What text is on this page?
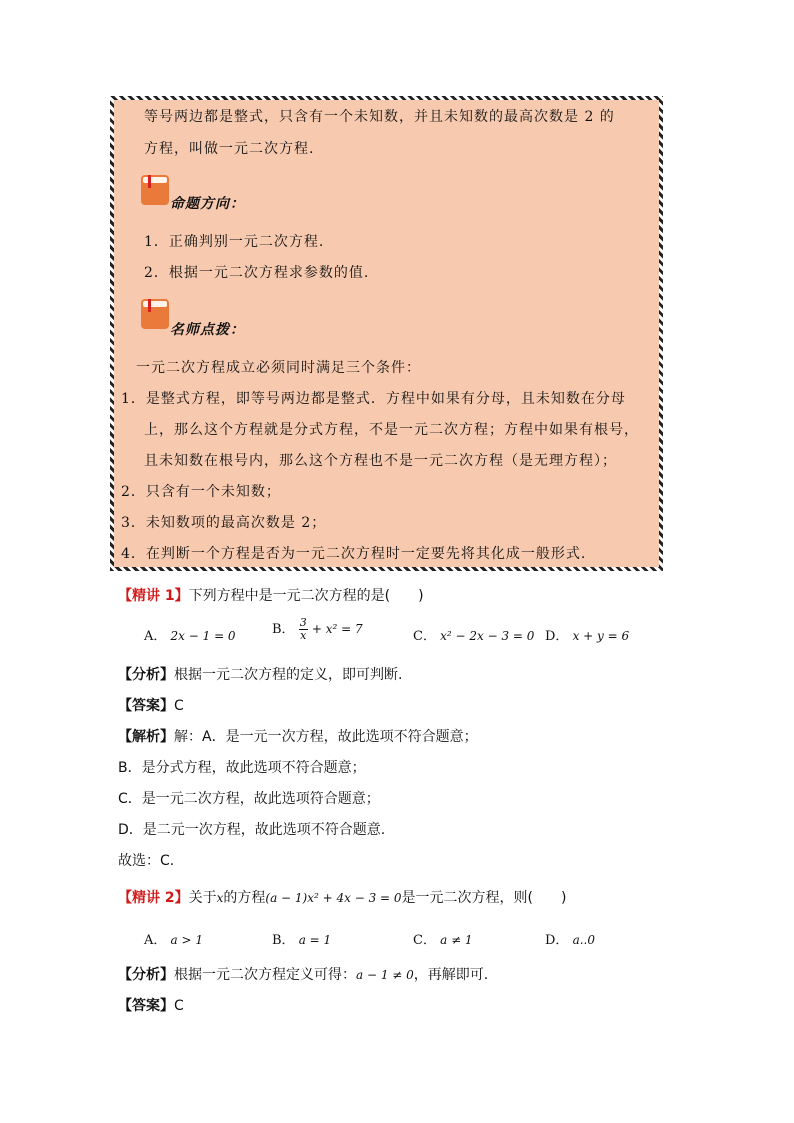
等号两边都是整式，只含有一个未知数，并且未知数的最高次数是 2 的
方程，叫做一元二次方程.
命题方向：
1．正确判别一元二次方程.
2．根据一元二次方程求参数的值.
名师点拨：
一元二次方程成立必须同时满足三个条件：
1．是整式方程，即等号两边都是整式．方程中如果有分母，且未知数在分母
上，那么这个方程就是分式方程，不是一元二次方程；方程中如果有根号，
且未知数在根号内，那么这个方程也不是一元二次方程（是无理方程）；
2．只含有一个未知数；
3．未知数项的最高次数是 2；
4．在判断一个方程是否为一元二次方程时一定要先将其化成一般形式.
【精讲 1】下列方程中是一元二次方程的是(　　)
A． 2x − 1 = 0	B． $\frac{3}{x} + x^2 = 7$	C． x² − 2x − 3 = 0 D． x + y = 6
【分析】根据一元二次方程的定义，即可判断.
【答案】C
【解析】解：A．是一元一次方程，故此选项不符合题意；
B．是分式方程，故此选项不符合题意；
C．是一元二次方程，故此选项符合题意；
D．是二元一次方程，故此选项不符合题意.
故选：C.
【精讲 2】关于x的方程(a − 1)x² + 4x − 3 = 0是一元二次方程，则(　　)
A． a > 1	B． a = 1	C． a ≠ 1	D． a..0
【分析】根据一元二次方程定义可得：a − 1 ≠ 0，再解即可.
【答案】C
